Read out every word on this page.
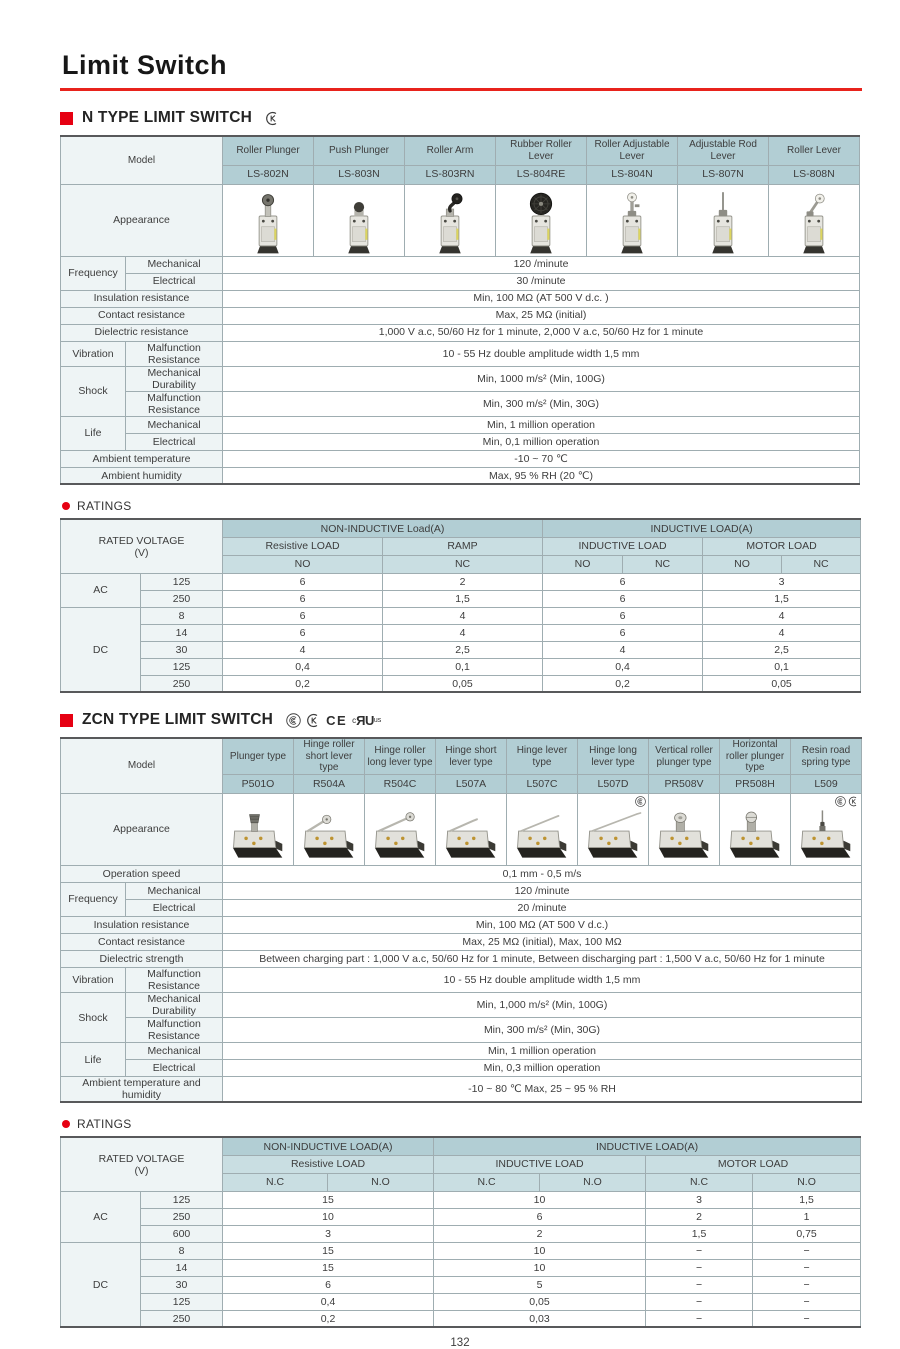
Limit Switch
N TYPE LIMIT SWITCH
Model		Roller Plunger	Push Plunger	Roller Arm	Rubber Roller Lever	Roller Adjustable Lever	Adjustable Rod Lever	Roller Lever
		LS-802N	LS-803N	LS-803RN	LS-804RE	LS-804N	LS-807N	LS-808N
Appearance	

Frequency	Mechanical	120 /minute						
	Electrical	30 /minute						
Insulation resistance		Min, 100 MΩ (AT 500 V d.c. )						
Contact resistance		Max, 25 MΩ (initial)						
Dielectric resistance		1,000 V a.c, 50/60 Hz for 1 minute, 2,000 V a.c, 50/60 Hz for 1 minute						
Vibration	Malfunction Resistance	10 - 55 Hz double amplitude width 1,5 mm						
Shock	Mechanical Durability	Min, 1000 m/s² (Min, 100G)						
	Malfunction Resistance	Min, 300 m/s² (Min, 30G)						
Life	Mechanical	Min, 1 million operation						
	Electrical	Min, 0,1 million operation						
Ambient temperature		-10 ~ 70 ℃						
Ambient humidity		Max, 95 % RH (20 ℃)						
RATINGS
RATED VOLTAGE
(V)		NON-INDUCTIVE Load(A)		INDUCTIVE LOAD(A)			
		Resistive LOAD	RAMP	INDUCTIVE LOAD		MOTOR LOAD	
		NO	NC	NO	NC	NO	NC
AC	125	6	2	6		3	
	250	6	1,5	6		1,5	
DC	8	6	4	6		4	
	14	6	4	6		4	
	30	4	2,5	4		2,5	
	125	0,4	0,1	0,4		0,1	
	250	0,2	0,05	0,2		0,05	
ZCN TYPE LIMIT SWITCH	CE c ЯU us
Model		Plunger type	Hinge roller short lever type	Hinge roller long lever type	Hinge short lever type	Hinge lever type	Hinge long lever type	Vertical roller plunger type	Horizontal roller plunger type	Resin road spring type
		P501O	R504A	R504C	L507A	L507C	L507D	PR508V	PR508H	L509
Appearance	

Operation speed		0,1 mm - 0,5 m/s								
Frequency	Mechanical	120 /minute								
	Electrical	20 /minute								
Insulation resistance		Min, 100 MΩ (AT 500 V d.c.)								
Contact resistance		Max, 25 MΩ (initial), Max, 100 MΩ								
Dielectric strength		Between charging part : 1,000 V a.c, 50/60 Hz for 1 minute, Between discharging part : 1,500 V a.c, 50/60 Hz for 1 minute								
Vibration	Malfunction Resistance	10 - 55 Hz double amplitude width 1,5 mm								
Shock	Mechanical Durability	Min, 1,000 m/s² (Min, 100G)								
	Malfunction Resistance	Min, 300 m/s² (Min, 30G)								
Life	Mechanical	Min, 1 million operation								
	Electrical	Min, 0,3 million operation								
Ambient temperature and humidity		-10 ~ 80 ℃ Max, 25 ~ 95 % RH								
RATINGS
RATED VOLTAGE
(V)		NON-INDUCTIVE LOAD(A)		INDUCTIVE LOAD(A)			
		Resistive LOAD		INDUCTIVE LOAD		MOTOR LOAD	
		N.C	N.O	N.C	N.O	N.C	N.O
AC	125	15		10		3	1,5
	250	10		6		2	1
	600	3		2		1,5	0,75
DC	8	15		10		−	−
	14	15		10		−	−
	30	6		5		−	−
	125	0,4		0,05		−	−
	250	0,2		0,03		−	−
132
